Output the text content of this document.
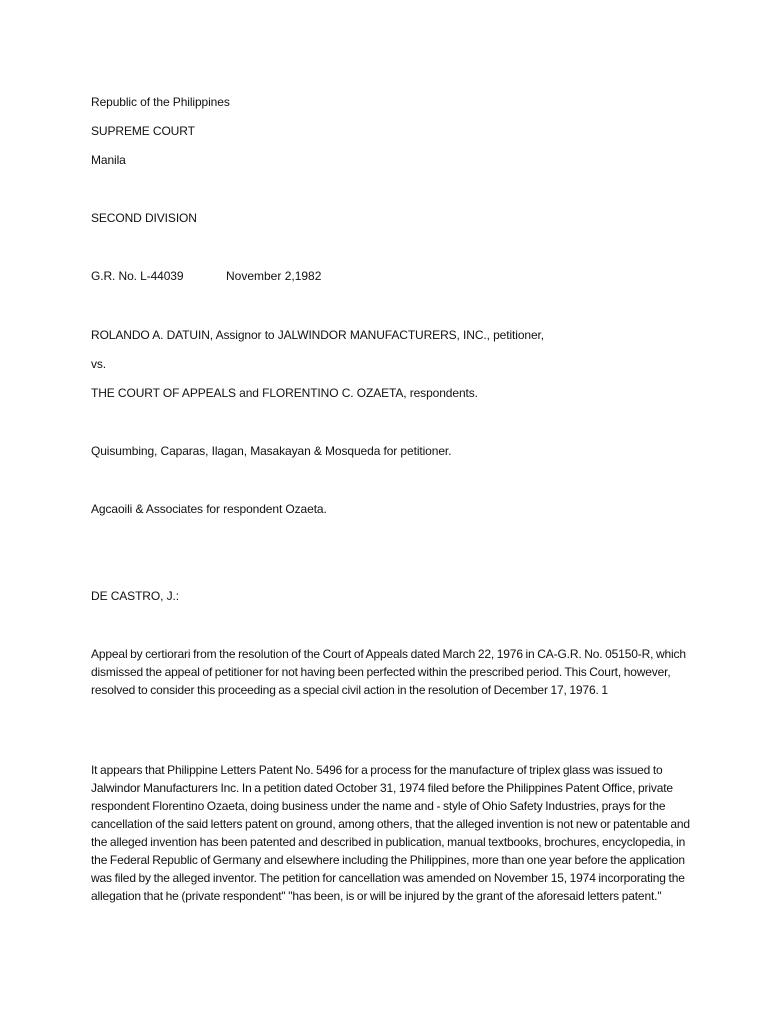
Republic of the Philippines
SUPREME COURT
Manila
SECOND DIVISION
G.R. No. L-44039	November 2,1982
ROLANDO A. DATUIN, Assignor to JALWINDOR MANUFACTURERS, INC., petitioner,
vs.
THE COURT OF APPEALS and FLORENTINO C. OZAETA, respondents.
Quisumbing, Caparas, Ilagan, Masakayan & Mosqueda for petitioner.
Agcaoili & Associates for respondent Ozaeta.
DE CASTRO, J.:
Appeal by certiorari from the resolution of the Court of Appeals dated March 22, 1976 in CA-G.R. No. 05150-R, which dismissed the appeal of petitioner for not having been perfected within the prescribed period. This Court, however, resolved to consider this proceeding as a special civil action in the resolution of December 17, 1976. 1
It appears that Philippine Letters Patent No. 5496 for a process for the manufacture of triplex glass was issued to Jalwindor Manufacturers Inc. In a petition dated October 31, 1974 filed before the Philippines Patent Office, private respondent Florentino Ozaeta, doing business under the name and - style of Ohio Safety Industries, prays for the cancellation of the said letters patent on ground, among others, that the alleged invention is not new or patentable and the alleged invention has been patented and described in publication, manual textbooks, brochures, encyclopedia, in the Federal Republic of Germany and elsewhere including the Philippines, more than one year before the application was filed by the alleged inventor. The petition for cancellation was amended on November 15, 1974 incorporating the allegation that he (private respondent" "has been, is or will be injured by the grant of the aforesaid letters patent."
